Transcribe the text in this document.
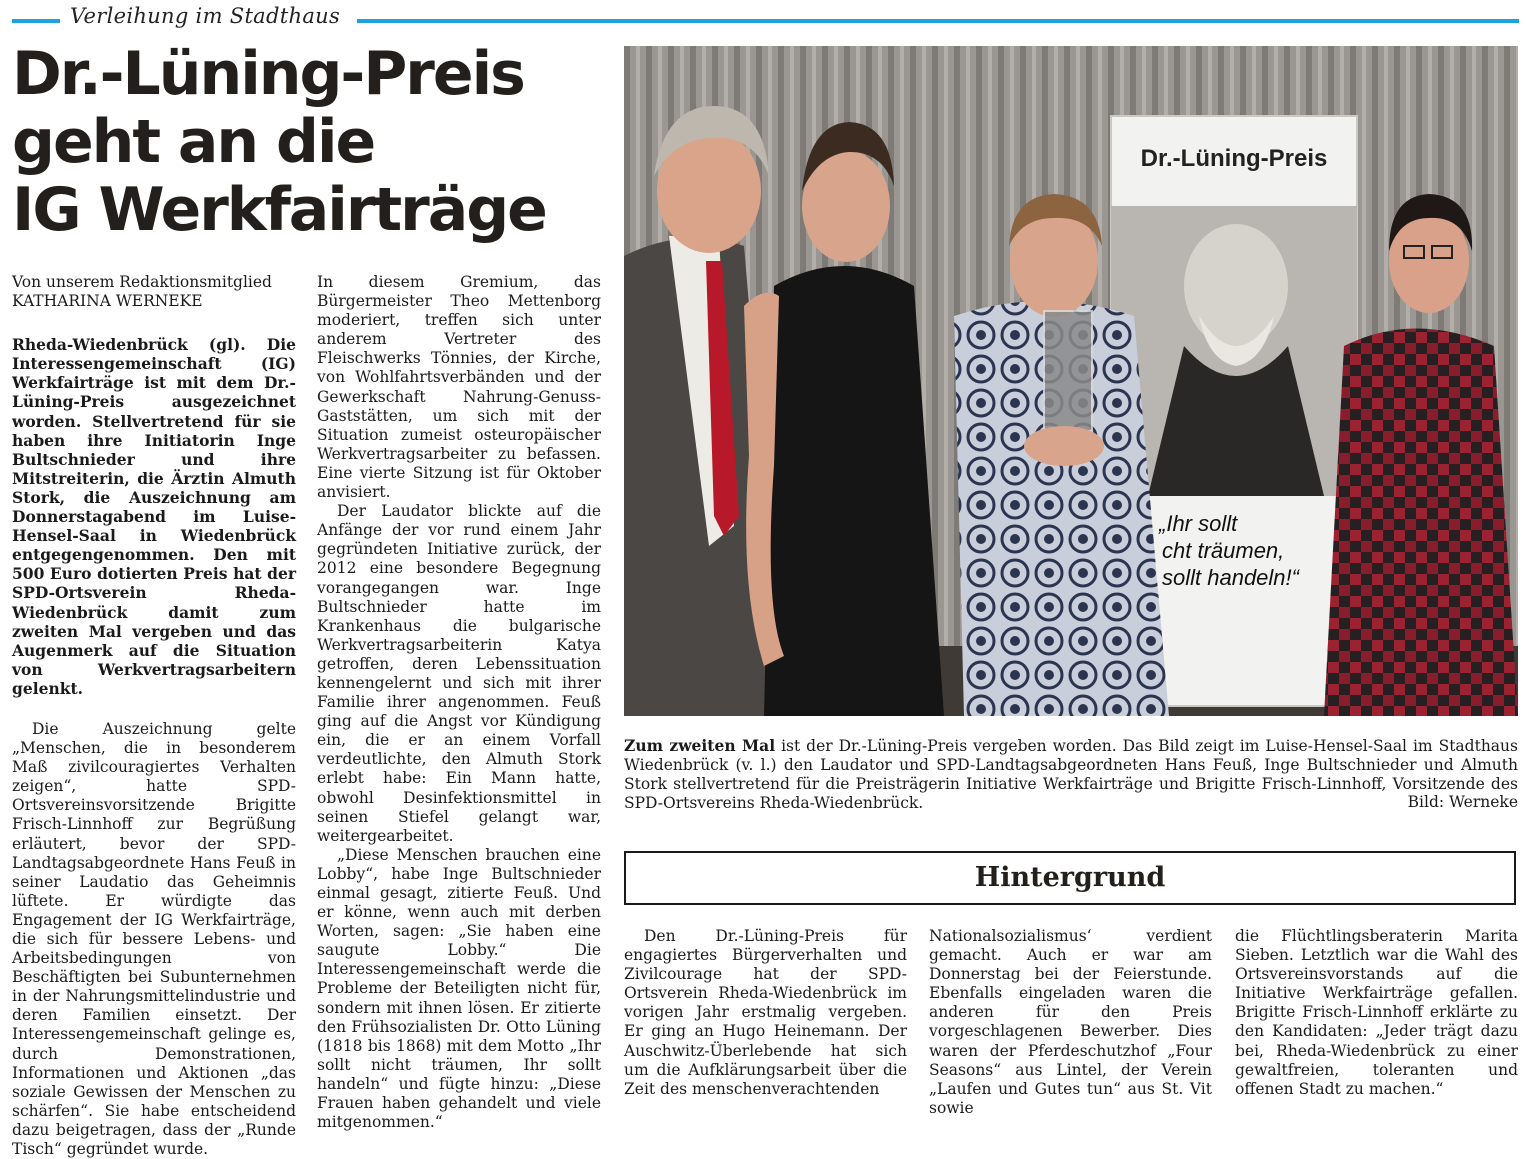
Verleihung im Stadthaus
Dr.-Lüning-Preis
geht an die
IG Werkfairträge

Von unserem Redaktionsmitglied
KATHARINA WERNEKE

Rheda-Wiedenbrück (gl). Die Interessengemeinschaft (IG) Werkfairträge ist mit dem Dr.-Lüning-Preis ausgezeichnet worden. Stellvertretend für sie haben ihre Initiatorin Inge Bultschnieder und ihre Mitstreiterin, die Ärztin Almuth Stork, die Auszeichnung am Donnerstagabend im Luise-Hensel-Saal in Wiedenbrück entgegengenommen. Den mit 500 Euro dotierten Preis hat der SPD-Ortsverein Rheda-Wiedenbrück damit zum zweiten Mal vergeben und das Augenmerk auf die Situation von Werkvertragsarbeitern gelenkt.

Die Auszeichnung gelte „Menschen, die in besonderem Maß zivilcouragiertes Verhalten zeigen“, hatte SPD-Ortsvereinsvorsitzende Brigitte Frisch-Linnhoff zur Begrüßung erläutert, bevor der SPD-Landtagsabgeordnete Hans Feuß in seiner Laudatio das Geheimnis lüftete. Er würdigte das Engagement der IG Werkfairträge, die sich für bessere Lebens- und Arbeitsbedingungen von Beschäftigten bei Subunternehmen in der Nahrungsmittelindustrie und deren Familien einsetzt. Der Interessengemeinschaft gelinge es, durch Demonstrationen, Informationen und Aktionen „das soziale Gewissen der Menschen zu schärfen“. Sie habe entscheidend dazu beigetragen, dass der „Runde Tisch“ gegründet wurde.

In diesem Gremium, das Bürgermeister Theo Mettenborg moderiert, treffen sich unter anderem Vertreter des Fleischwerks Tönnies, der Kirche, von Wohlfahrtsverbänden und der Gewerkschaft Nahrung-Genuss-Gaststätten, um sich mit der Situation zumeist osteuropäischer Werkvertragsarbeiter zu befassen. Eine vierte Sitzung ist für Oktober anvisiert.

Der Laudator blickte auf die Anfänge der vor rund einem Jahr gegründeten Initiative zurück, der 2012 eine besondere Begegnung vorangegangen war. Inge Bultschnieder hatte im Krankenhaus die bulgarische Werkvertragsarbeiterin Katya getroffen, deren Lebenssituation kennengelernt und sich mit ihrer Familie ihrer angenommen. Feuß ging auf die Angst vor Kündigung ein, die er an einem Vorfall verdeutlichte, den Almuth Stork erlebt habe: Ein Mann hatte, obwohl Desinfektionsmittel in seinen Stiefel gelangt war, weitergearbeitet.

„Diese Menschen brauchen eine Lobby“, habe Inge Bultschnieder einmal gesagt, zitierte Feuß. Und er könne, wenn auch mit derben Worten, sagen: „Sie haben eine saugute Lobby.“ Die Interessengemeinschaft werde die Probleme der Beteiligten nicht für, sondern mit ihnen lösen. Er zitierte den Frühsozialisten Dr. Otto Lüning (1818 bis 1868) mit dem Motto „Ihr sollt nicht träumen, Ihr sollt handeln“ und fügte hinzu: „Diese Frauen haben gehandelt und viele mitgenommen.“

Dr.-Lüning-Preis
„Ihr sollt
cht träumen,
sollt handeln!“

Zum zweiten Mal ist der Dr.-Lüning-Preis vergeben worden. Das Bild zeigt im Luise-Hensel-Saal im Stadthaus Wiedenbrück (v. l.) den Laudator und SPD-Landtagsabgeordneten Hans Feuß, Inge Bultschnieder und Almuth Stork stellvertretend für die Preisträgerin Initiative Werkfairträge und Brigitte Frisch-Linnhoff, Vorsitzende des SPD-Ortsvereins Rheda-Wiedenbrück.	Bild: Werneke
Hintergrund
Den Dr.-Lüning-Preis für engagiertes Bürgerverhalten und Zivilcourage hat der SPD-Ortsverein Rheda-Wiedenbrück im vorigen Jahr erstmalig vergeben. Er ging an Hugo Heinemann. Der Auschwitz-Überlebende hat sich um die Aufklärungsarbeit über die Zeit des menschenverachtenden
Nationalsozialismus‘ verdient gemacht. Auch er war am Donnerstag bei der Feierstunde. Ebenfalls eingeladen waren die anderen für den Preis vorgeschlagenen Bewerber. Dies waren der Pferdeschutzhof „Four Seasons“ aus Lintel, der Verein „Laufen und Gutes tun“ aus St. Vit sowie
die Flüchtlingsberaterin Marita Sieben. Letztlich war die Wahl des Ortsvereinsvorstands auf die Initiative Werkfairträge gefallen. Brigitte Frisch-Linnhoff erklärte zu den Kandidaten: „Jeder trägt dazu bei, Rheda-Wiedenbrück zu einer gewaltfreien, toleranten und offenen Stadt zu machen.“
